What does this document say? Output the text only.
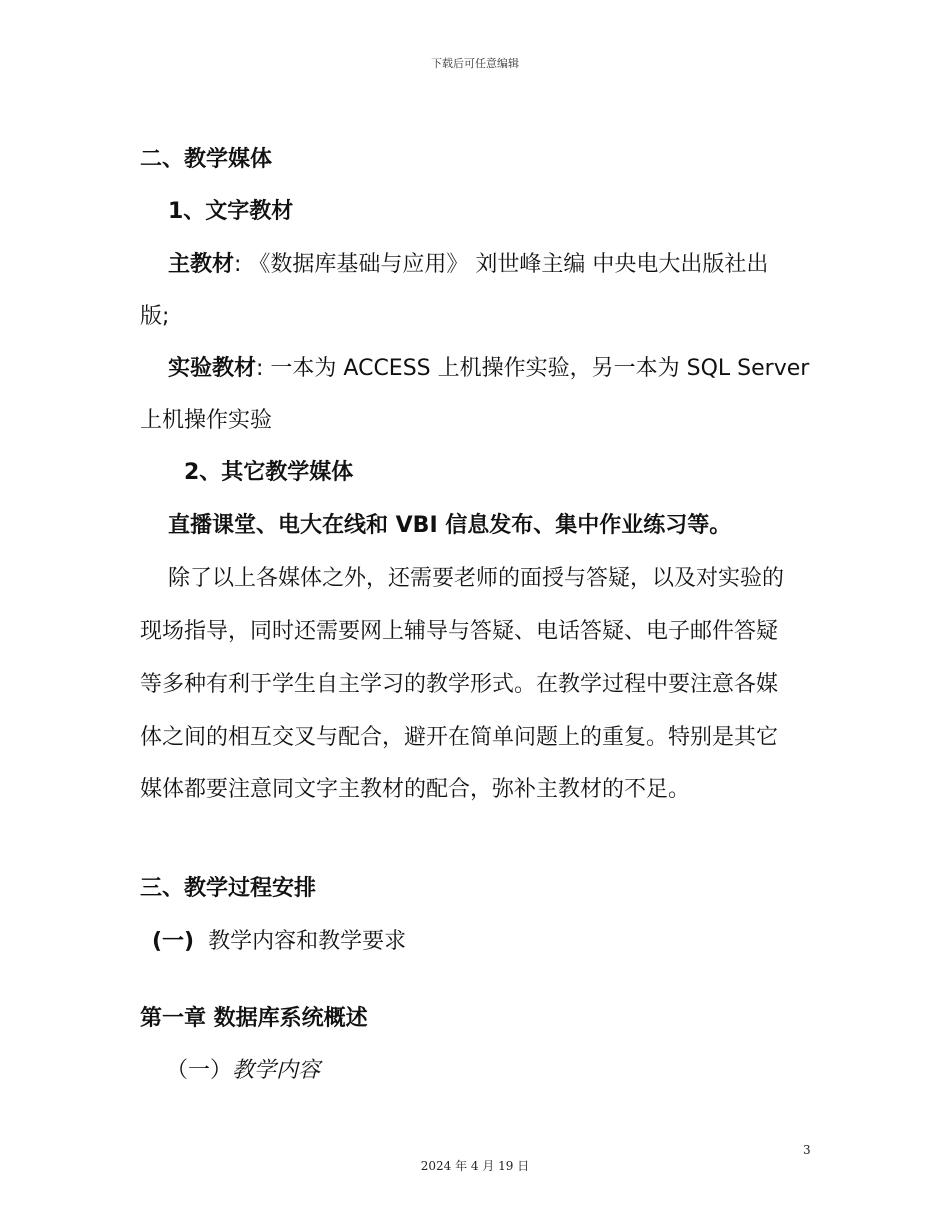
下载后可任意编辑
二、教学媒体
1、文字教材
主教材: 《数据库基础与应用》 刘世峰主编 中央电大出版社出
版;
实验教材: 一本为 ACCESS 上机操作实验，另一本为 SQL Server
上机操作实验
2、其它教学媒体
直播课堂、电大在线和 VBI 信息发布、集中作业练习等。
除了以上各媒体之外，还需要老师的面授与答疑，以及对实验的
现场指导，同时还需要网上辅导与答疑、电话答疑、电子邮件答疑
等多种有利于学生自主学习的教学形式。在教学过程中要注意各媒
体之间的相互交叉与配合，避开在简单问题上的重复。特别是其它
媒体都要注意同文字主教材的配合，弥补主教材的不足。
三、教学过程安排
(一) 教学内容和教学要求
第一章 数据库系统概述
（一）教学内容
3
2024 年 4 月 19 日
